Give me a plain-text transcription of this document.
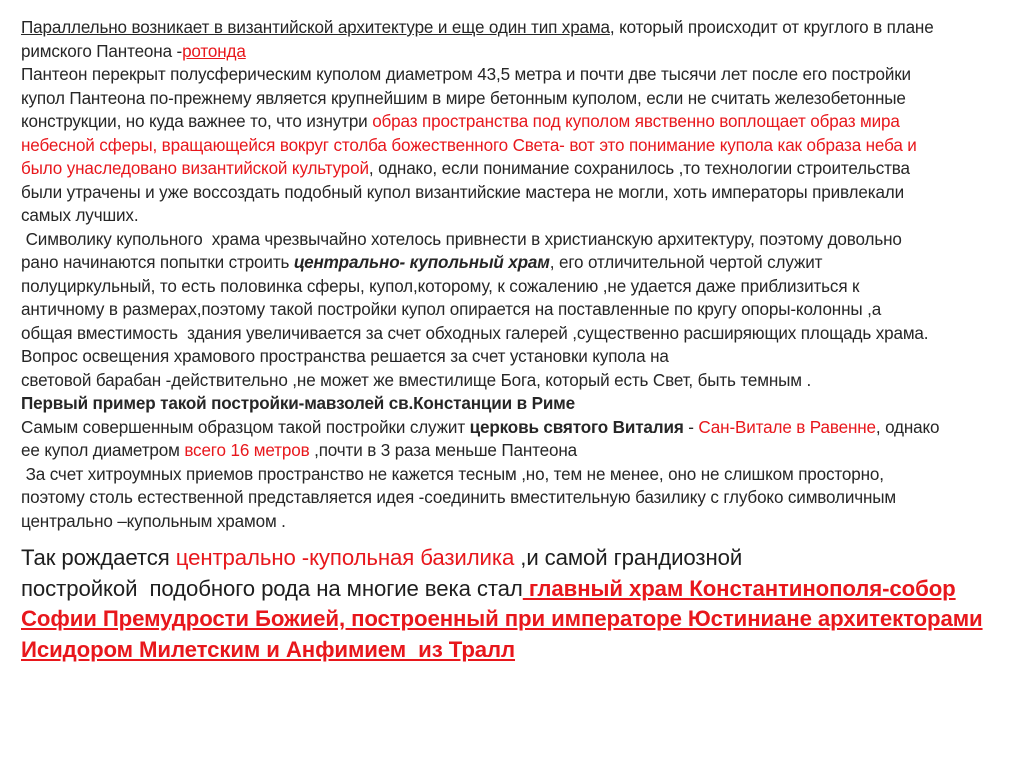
Параллельно возникает в византийской архитектуре и еще один тип храма, который происходит от круглого в плане

римского Пантеона -ротонда

Пантеон перекрыт полусферическим куполом диаметром 43,5 метра и почти две тысячи лет после его постройки

купол Пантеона по-прежнему является крупнейшим в мире бетонным куполом, если не считать железобетонные

конструкции, но куда важнее то, что изнутри образ пространства под куполом явственно воплощает образ мира

небесной сферы, вращающейся вокруг столба божественного Света- вот это понимание купола как образа неба и

было унаследовано византийской культурой, однако, если понимание сохранилось ,то технологии строительства

были утрачены и уже воссоздать подобный купол византийские мастера не могли, хоть императоры привлекали

самых лучших.

Символику купольного  храма чрезвычайно хотелось привнести в христианскую архитектуру, поэтому довольно

рано начинаются попытки строить центрально- купольный храм, его отличительной чертой служит

полуциркульный, то есть половинка сферы, купол,которому, к сожалению ,не удается даже приблизиться к

античному в размерах,поэтому такой постройки купол опирается на поставленные по кругу опоры-колонны ,а

общая вместимость  здания увеличивается за счет обходных галерей ,существенно расширяющих площадь храма.

Вопрос освещения храмового пространства решается за счет установки купола на

световой барабан -действительно ,не может же вместилище Бога, который есть Свет, быть темным .

Первый пример такой постройки-мавзолей св.Констанции в Риме

Самым совершенным образцом такой постройки служит церковь святого Виталия - Сан-Витале в Равенне, однако

ее купол диаметром всего 16 метров ,почти в 3 раза меньше Пантеона

За счет хитроумных приемов пространство не кажется тесным ,но, тем не менее, оно не слишком просторно,

поэтому столь естественной представляется идея -соединить вместительную базилику с глубоко символичным

центрально –купольным храмом .

Так рождается центрально -купольная базилика ,и самой грандиозной

постройкой  подобного рода на многие века стал главный храм Константинополя-собор

Софии Премудрости Божией, построенный при императоре Юстиниане архитекторами

Исидором Милетским и Анфимием  из Тралл
